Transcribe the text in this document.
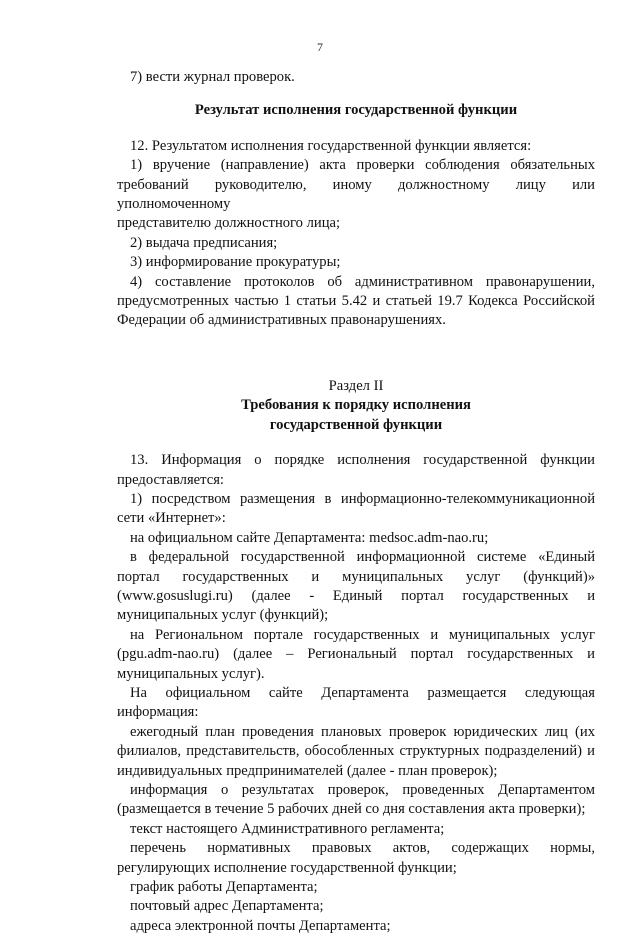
7

7) вести журнал проверок.

Результат исполнения государственной функции

12. Результатом исполнения государственной функции является:

1) вручение (направление) акта проверки соблюдения обязательных

требований руководителю, иному должностному лицу или уполномоченному

представителю должностного лица;

2) выдача предписания;

3) информирование прокуратуры;

4) составление протоколов об административном правонарушении,

предусмотренных частью 1 статьи 5.42 и статьей 19.7 Кодекса Российской

Федерации об административных правонарушениях.

Раздел II

Требования к порядку исполнения

государственной функции

13. Информация о порядке исполнения государственной функции

предоставляется:

1) посредством размещения в информационно-телекоммуникационной

сети «Интернет»:

на официальном сайте Департамента: medsoc.adm-nao.ru;

в федеральной государственной информационной системе «Единый

портал государственных и муниципальных услуг (функций)»

(www.gosuslugi.ru) (далее - Единый портал государственных и

муниципальных услуг (функций);

на Региональном портале государственных и муниципальных услуг

(pgu.adm-nao.ru) (далее – Региональный портал государственных и

муниципальных услуг).

На официальном сайте Департамента размещается следующая

информация:

ежегодный план проведения плановых проверок юридических лиц (их

филиалов, представительств, обособленных структурных подразделений) и

индивидуальных предпринимателей (далее - план проверок);

информация о результатах проверок, проведенных Департаментом

(размещается в течение 5 рабочих дней со дня составления акта проверки);

текст настоящего Административного регламента;

перечень нормативных правовых актов, содержащих нормы,

регулирующих исполнение государственной функции;

график работы Департамента;

почтовый адрес Департамента;

адреса электронной почты Департамента;
